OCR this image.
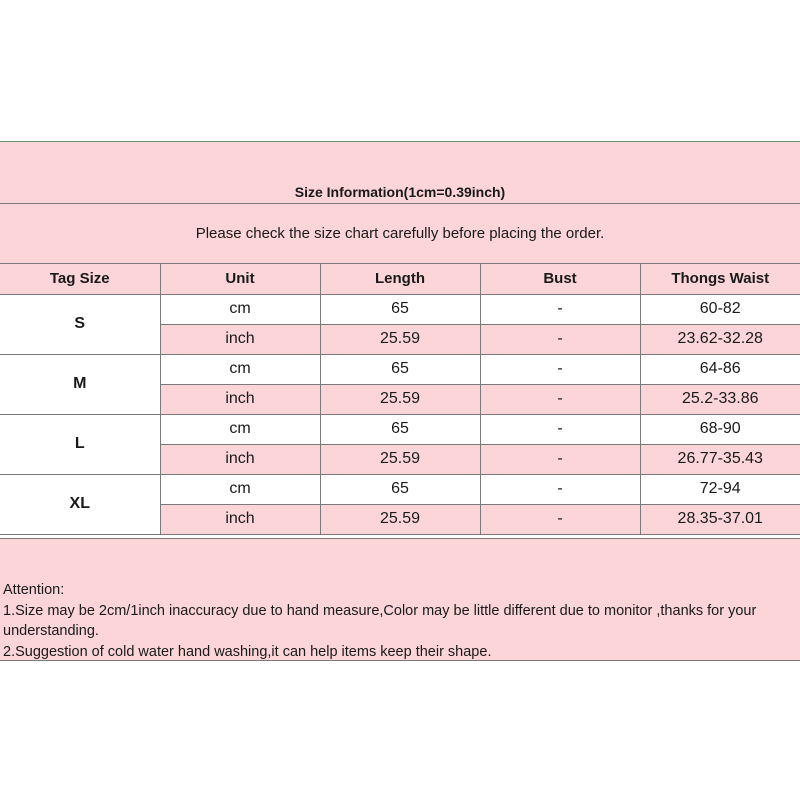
Size Information(1cm=0.39inch)
Please check the size chart carefully before placing the order.
Tag Size	Unit	Length	Bust	Thongs Waist
S	cm	65	-	60-82
	inch	25.59	-	23.62-32.28
M	cm	65	-	64-86
	inch	25.59	-	25.2-33.86
L	cm	65	-	68-90
	inch	25.59	-	26.77-35.43
XL	cm	65	-	72-94
	inch	25.59	-	28.35-37.01

Attention:

1.Size may be 2cm/1inch inaccuracy due to hand measure,Color may be little different due to monitor ,thanks for your understanding.

2.Suggestion of cold water hand washing,it can help items keep their shape.
